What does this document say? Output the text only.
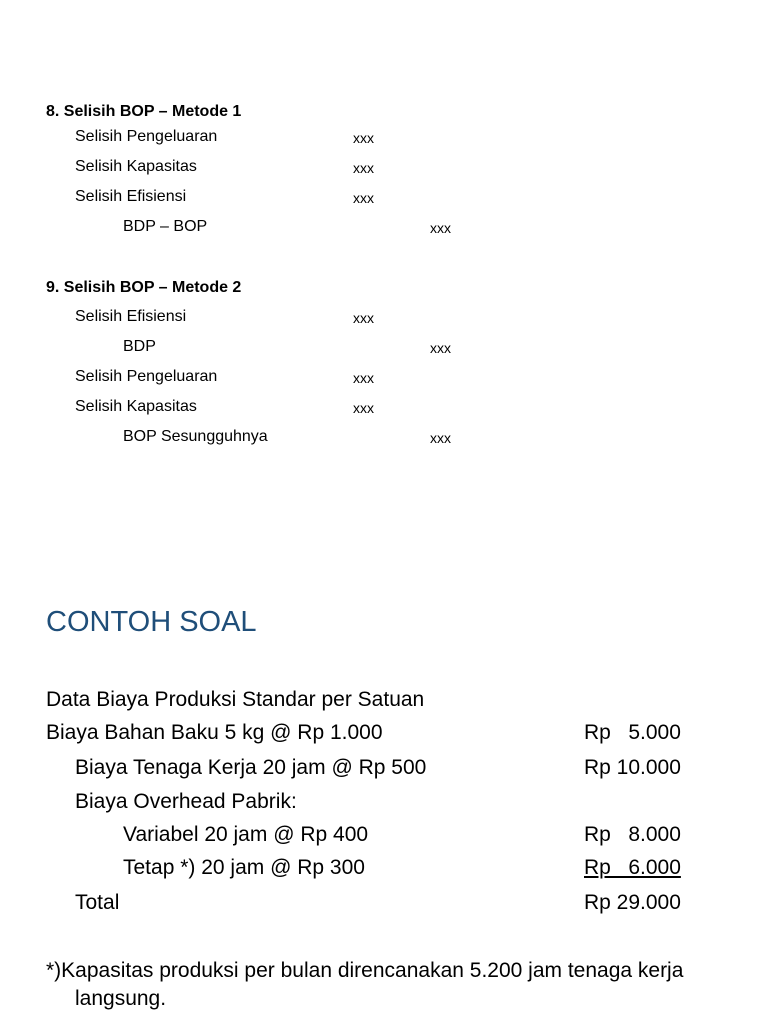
8. Selisih BOP – Metode 1
Selisih Pengeluaran	xxx
Selisih Kapasitas	xxx
Selisih Efisiensi	xxx
BDP – BOP	xxx
9. Selisih BOP – Metode 2
Selisih Efisiensi	xxx
BDP	xxx
Selisih Pengeluaran	xxx
Selisih Kapasitas	xxx
BOP Sesungguhnya	xxx
CONTOH SOAL
Data Biaya Produksi Standar per Satuan
Biaya Bahan Baku 5 kg @ Rp 1.000	Rp   5.000
Biaya Tenaga Kerja 20 jam @ Rp 500	Rp 10.000
Biaya Overhead Pabrik:
Variabel 20 jam @ Rp 400	Rp   8.000
Tetap *) 20 jam @ Rp 300	Rp   6.000
Total	Rp 29.000
*)Kapasitas produksi per bulan direncanakan 5.200 jam tenaga kerja
langsung.
